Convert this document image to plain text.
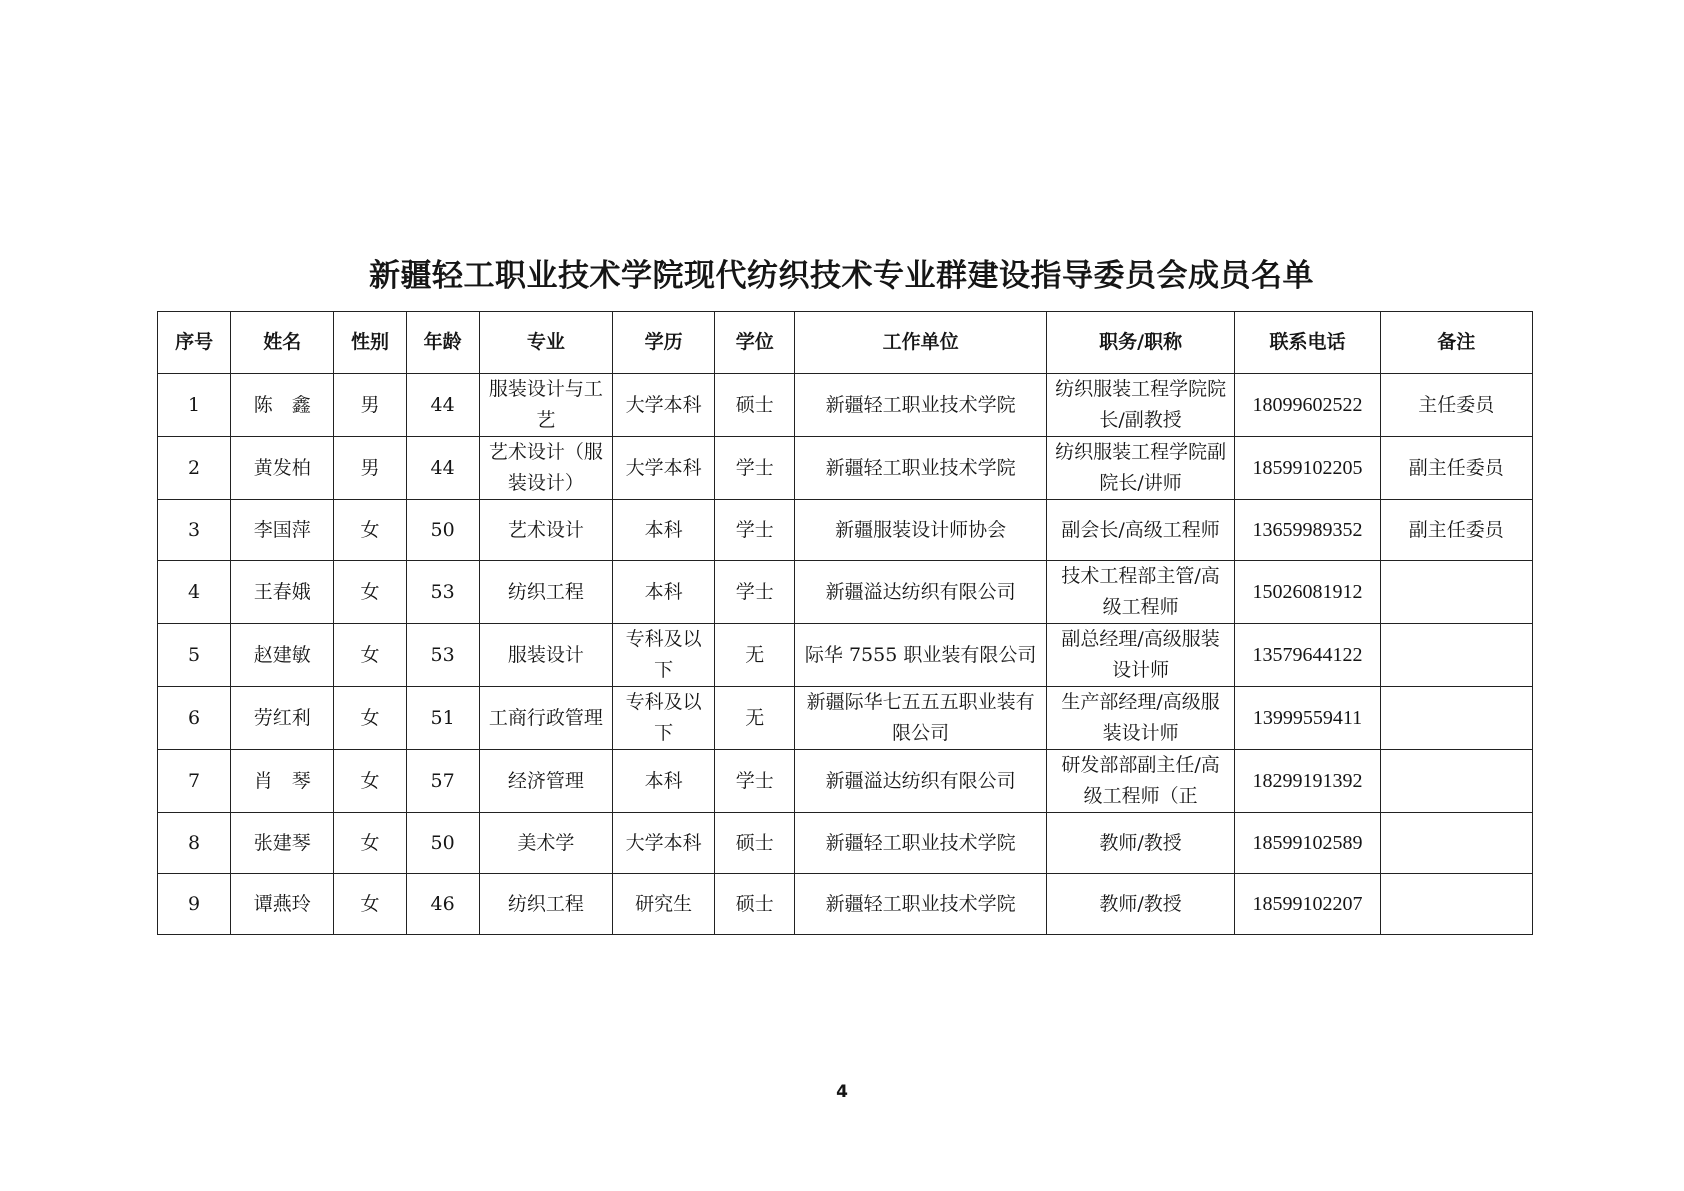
新疆轻工职业技术学院现代纺织技术专业群建设指导委员会成员名单
序号	姓名	性别	年龄	专业	学历	学位	工作单位	职务/职称	联系电话	备注
1	陈　鑫	男	44	服装设计与工艺	大学本科	硕士	新疆轻工职业技术学院	纺织服装工程学院院长/副教授	18099602522	主任委员
2	黄发柏	男	44	艺术设计（服装设计）	大学本科	学士	新疆轻工职业技术学院	纺织服装工程学院副院长/讲师	18599102205	副主任委员
3	李国萍	女	50	艺术设计	本科	学士	新疆服装设计师协会	副会长/高级工程师	13659989352	副主任委员
4	王春娥	女	53	纺织工程	本科	学士	新疆溢达纺织有限公司	技术工程部主管/高级工程师	15026081912	
5	赵建敏	女	53	服装设计	专科及以下	无	际华 7555 职业装有限公司	副总经理/高级服装设计师	13579644122	
6	劳红利	女	51	工商行政管理	专科及以下	无	新疆际华七五五五职业装有限公司	生产部经理/高级服装设计师	13999559411	
7	肖　琴	女	57	经济管理	本科	学士	新疆溢达纺织有限公司	研发部部副主任/高级工程师（正	18299191392	
8	张建琴	女	50	美术学	大学本科	硕士	新疆轻工职业技术学院	教师/教授	18599102589	
9	谭燕玲	女	46	纺织工程	研究生	硕士	新疆轻工职业技术学院	教师/教授	18599102207	
4
